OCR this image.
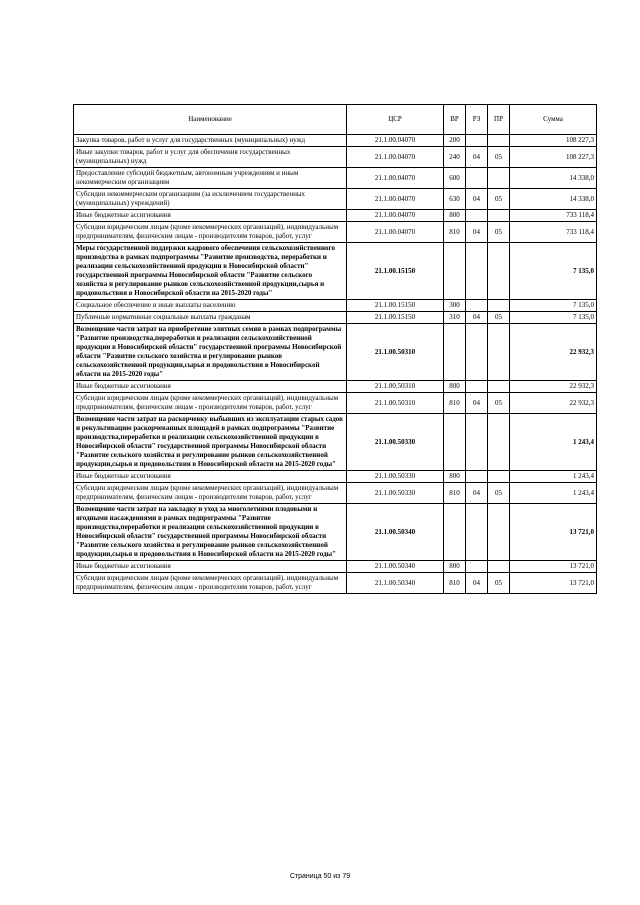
Наименование	ЦСР	ВР	РЗ	ПР	Сумма
Закупка товаров, работ и услуг для государственных (муниципальных) нужд	21.1.00.04070	200			108 227,3
Иные закупки товаров, работ и услуг для обеспечения государственных (муниципальных) нужд	21.1.00.04070	240	04	05	108 227,3
Предоставление субсидий бюджетным, автономным учреждениям и иным некоммерческим организациям	21.1.00.04070	600			14 338,0
Субсидии некоммерческим организациям (за исключением государственных (муниципальных) учреждений)	21.1.00.04070	630	04	05	14 338,0
Иные бюджетные ассигнования	21.1.00.04070	800			733 118,4
Субсидии юридическим лицам (кроме некоммерческих организаций), индивидуальным предпринимателям, физическим лицам - производителям товаров, работ, услуг	21.1.00.04070	810	04	05	733 118,4
Меры государственной поддержки кадрового обеспечения сельскохозяйственного производства в рамках подпрограммы "Развитие производства, переработки и реализации сельскохозяйственной продукции в Новосибирской области" государственной программы Новосибирской области "Развитие сельского хозяйства и регулирование рынков сельскохозяйственной продукции,сырья и продовольствия в Новосибирской области на 2015-2020 годы"	21.1.00.15150				7 135,0
Социальное обеспечение и иные выплаты населению	21.1.00.15150	300			7 135,0
Публичные нормативные социальные выплаты гражданам	21.1.00.15150	310	04	05	7 135,0
Возмещение части затрат на приобретение элитных семян в рамках подпрограммы "Развитие производства,переработки и реализации сельскохозяйственной продукции в Новосибирской области" государственной программы Новосибирской области "Развитие сельского хозяйства и регулирование рынков сельскохозяйственной продукции,сырья и продовольствия в Новосибирской области на 2015-2020 годы"	21.1.00.50310				22 932,3
Иные бюджетные ассигнования	21.1.00.50310	800			22 932,3
Субсидии юридическим лицам (кроме некоммерческих организаций), индивидуальным предпринимателям, физическим лицам - производителям товаров, работ, услуг	21.1.00.50310	810	04	05	22 932,3
Возмещение части затрат на раскорчевку выбывших из эксплуатации старых садов и рекультивацию раскорчеванных площадей в рамках подпрограммы "Развитие производства,переработки и реализации сельскохозяйственной продукции в Новосибирской области" государственной программы Новосибирской области "Развитие сельского хозяйства и регулирование рынков сельскохозяйственной продукции,сырья и продовольствия в Новосибирской области на 2015-2020 годы"	21.1.00.50330				1 243,4
Иные бюджетные ассигнования	21.1.00.50330	800			1 243,4
Субсидии юридическим лицам (кроме некоммерческих организаций), индивидуальным предпринимателям, физическим лицам - производителям товаров, работ, услуг	21.1.00.50330	810	04	05	1 243,4
Возмещение части затрат на закладку и уход за многолетними плодовыми и ягодными насаждениями в рамках подпрограммы "Развитие производства,переработки и реализации сельскохозяйственной продукции в Новосибирской области" государственной программы Новосибирской области "Развитие сельского хозяйства и регулирование рынков сельскохозяйственной продукции,сырья и продовольствия в Новосибирской области на 2015-2020 годы"	21.1.00.50340				13 721,0
Иные бюджетные ассигнования	21.1.00.50340	800			13 721,0
Субсидии юридическим лицам (кроме некоммерческих организаций), индивидуальным предпринимателям, физическим лицам - производителям товаров, работ, услуг	21.1.00.50340	810	04	05	13 721,0
Страница 50 из 79
